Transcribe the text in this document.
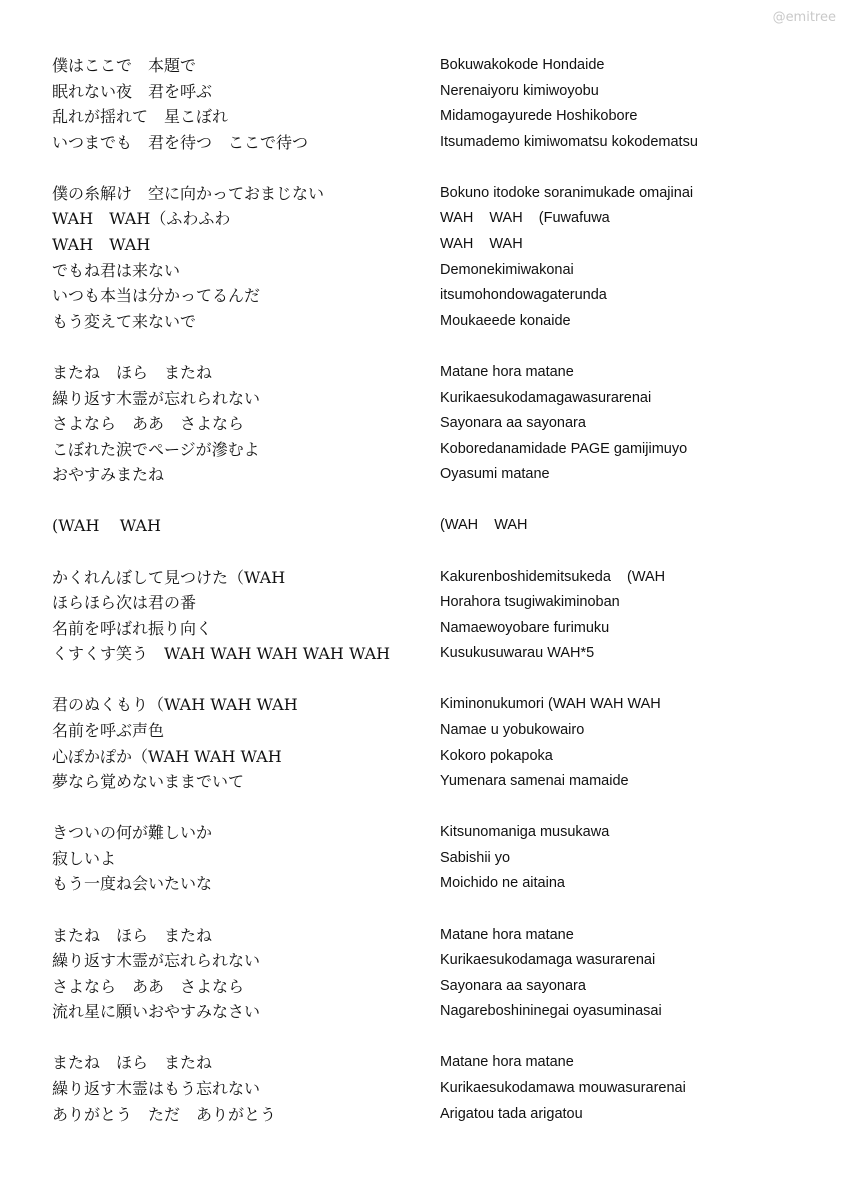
@emitree
僕はここで　本題で	Bokuwakokode Hondaide
眠れない夜　君を呼ぶ	Nerenaiyoru kimiwoyobu
乱れが揺れて　星こぼれ	Midamogayurede Hoshikobore
いつまでも　君を待つ　ここで待つ	Itsumademo kimiwomatsu kokodematsu
僕の糸解け　空に向かっておまじない	Bokuno itodoke soranimukade omajinai
WAH　WAH（ふわふわ	WAH    WAH    (Fuwafuwa
WAH　WAH	WAH    WAH
でもね君は来ない	Demonekimiwakonai
いつも本当は分かってるんだ	itsumohondowagaterunda
もう変えて来ないで	Moukaeede konaide
またね　ほら　またね	Matane hora matane
繰り返す木霊が忘れられない	Kurikaesukodamagawasurarenai
さよなら　ああ　さよなら	Sayonara aa sayonara
こぼれた涙でページが滲むよ	Koboredanamidade PAGE gamijimuyo
おやすみまたね	Oyasumi matane
(WAH    WAH	(WAH    WAH
かくれんぼして見つけた（WAH	Kakurenboshidemitsukeda    (WAH
ほらほら次は君の番	Horahora tsugiwakiminoban
名前を呼ばれ振り向く	Namaewoyobare furimuku
くすくす笑う　WAH WAH WAH WAH WAH	Kusukusuwarau WAH*5
君のぬくもり（WAH WAH WAH	Kiminonukumori (WAH WAH WAH
名前を呼ぶ声色	Namae u yobukowairo
心ぽかぽか（WAH WAH WAH	Kokoro pokapoka
夢なら覚めないままでいて	Yumenara samenai mamaide
きついの何が難しいか	Kitsunomaniga musukawa
寂しいよ	Sabishii yo
もう一度ね会いたいな	Moichido ne aitaina
またね　ほら　またね	Matane hora matane
繰り返す木霊が忘れられない	Kurikaesukodamaga wasurarenai
さよなら　ああ　さよなら	Sayonara aa sayonara
流れ星に願いおやすみなさい	Nagareboshininegai oyasuminasai
またね　ほら　またね	Matane hora matane
繰り返す木霊はもう忘れない	Kurikaesukodamawa mouwasurarenai
ありがとう　ただ　ありがとう	Arigatou tada arigatou
